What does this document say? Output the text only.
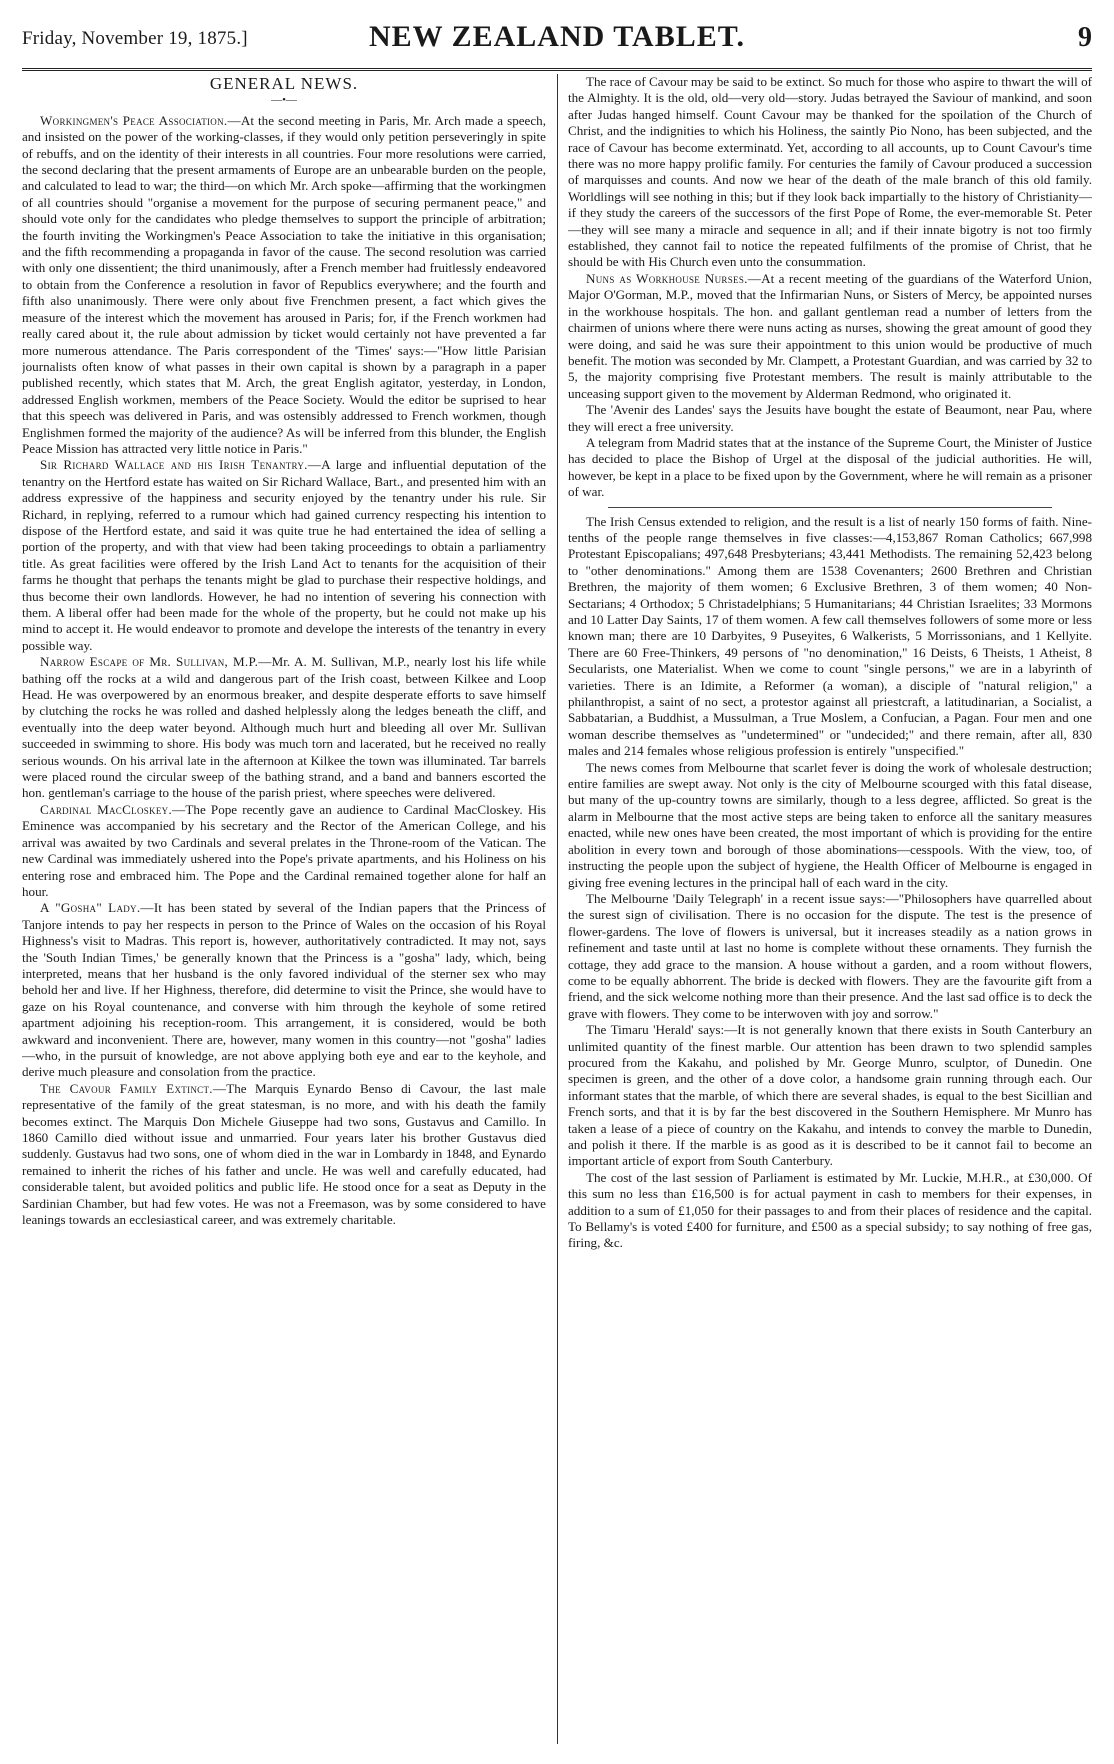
Friday, November 19, 1875.]	NEW ZEALAND TABLET.	9
GENERAL NEWS.
—•—

Workingmen's Peace Association.—At the second meeting in Paris, Mr. Arch made a speech, and insisted on the power of the working-classes, if they would only petition perseveringly in spite of rebuffs, and on the identity of their interests in all countries. Four more resolutions were carried, the second declaring that the present armaments of Europe are an unbearable burden on the people, and calculated to lead to war; the third—on which Mr. Arch spoke—affirming that the workingmen of all countries should "organise a movement for the purpose of securing permanent peace," and should vote only for the candidates who pledge themselves to support the principle of arbitration; the fourth inviting the Workingmen's Peace Association to take the initiative in this organisation; and the fifth recommending a propaganda in favor of the cause. The second resolution was carried with only one dissentient; the third unanimously, after a French member had fruitlessly endeavored to obtain from the Conference a resolution in favor of Republics everywhere; and the fourth and fifth also unanimously. There were only about five Frenchmen present, a fact which gives the measure of the interest which the movement has aroused in Paris; for, if the French workmen had really cared about it, the rule about admission by ticket would certainly not have prevented a far more numerous attendance. The Paris correspondent of the 'Times' says:—"How little Parisian journalists often know of what passes in their own capital is shown by a paragraph in a paper published recently, which states that M. Arch, the great English agitator, yesterday, in London, addressed English workmen, members of the Peace Society. Would the editor be suprised to hear that this speech was delivered in Paris, and was ostensibly addressed to French workmen, though Englishmen formed the majority of the audience? As will be inferred from this blunder, the English Peace Mission has attracted very little notice in Paris."

Sir Richard Wallace and his Irish Tenantry.—A large and influential deputation of the tenantry on the Hertford estate has waited on Sir Richard Wallace, Bart., and presented him with an address expressive of the happiness and security enjoyed by the tenantry under his rule. Sir Richard, in replying, referred to a rumour which had gained currency respecting his intention to dispose of the Hertford estate, and said it was quite true he had entertained the idea of selling a portion of the property, and with that view had been taking proceedings to obtain a parliamentry title. As great facilities were offered by the Irish Land Act to tenants for the acquisition of their farms he thought that perhaps the tenants might be glad to purchase their respective holdings, and thus become their own landlords. However, he had no intention of severing his connection with them. A liberal offer had been made for the whole of the property, but he could not make up his mind to accept it. He would endeavor to promote and develope the interests of the tenantry in every possible way.

Narrow Escape of Mr. Sullivan, M.P.—Mr. A. M. Sullivan, M.P., nearly lost his life while bathing off the rocks at a wild and dangerous part of the Irish coast, between Kilkee and Loop Head. He was overpowered by an enormous breaker, and despite desperate efforts to save himself by clutching the rocks he was rolled and dashed helplessly along the ledges beneath the cliff, and eventually into the deep water beyond. Although much hurt and bleeding all over Mr. Sullivan succeeded in swimming to shore. His body was much torn and lacerated, but he received no really serious wounds. On his arrival late in the afternoon at Kilkee the town was illuminated. Tar barrels were placed round the circular sweep of the bathing strand, and a band and banners escorted the hon. gentleman's carriage to the house of the parish priest, where speeches were delivered.

Cardinal MacCloskey.—The Pope recently gave an audience to Cardinal MacCloskey. His Eminence was accompanied by his secretary and the Rector of the American College, and his arrival was awaited by two Cardinals and several prelates in the Throne-room of the Vatican. The new Cardinal was immediately ushered into the Pope's private apartments, and his Holiness on his entering rose and embraced him. The Pope and the Cardinal remained together alone for half an hour.

A "Gosha" Lady.—It has been stated by several of the Indian papers that the Princess of Tanjore intends to pay her respects in person to the Prince of Wales on the occasion of his Royal Highness's visit to Madras. This report is, however, authoritatively contradicted. It may not, says the 'South Indian Times,' be generally known that the Princess is a "gosha" lady, which, being interpreted, means that her husband is the only favored individual of the sterner sex who may behold her and live. If her Highness, therefore, did determine to visit the Prince, she would have to gaze on his Royal countenance, and converse with him through the keyhole of some retired apartment adjoining his reception-room. This arrangement, it is considered, would be both awkward and inconvenient. There are, however, many women in this country—not "gosha" ladies—who, in the pursuit of knowledge, are not above applying both eye and ear to the keyhole, and derive much pleasure and consolation from the practice.

The Cavour Family Extinct.—The Marquis Eynardo Benso di Cavour, the last male representative of the family of the great statesman, is no more, and with his death the family becomes extinct. The Marquis Don Michele Giuseppe had two sons, Gustavus and Camillo. In 1860 Camillo died without issue and unmarried. Four years later his brother Gustavus died suddenly. Gustavus had two sons, one of whom died in the war in Lombardy in 1848, and Eynardo remained to inherit the riches of his father and uncle. He was well and carefully educated, had considerable talent, but avoided politics and public life. He stood once for a seat as Deputy in the Sardinian Chamber, but had few votes. He was not a Freemason, was by some considered to have leanings towards an ecclesiastical career, and was extremely charitable.

The race of Cavour may be said to be extinct. So much for those who aspire to thwart the will of the Almighty. It is the old, old—very old—story. Judas betrayed the Saviour of mankind, and soon after Judas hanged himself. Count Cavour may be thanked for the spoilation of the Church of Christ, and the indignities to which his Holiness, the saintly Pio Nono, has been subjected, and the race of Cavour has become exterminatd. Yet, according to all accounts, up to Count Cavour's time there was no more happy prolific family. For centuries the family of Cavour produced a succession of marquisses and counts. And now we hear of the death of the male branch of this old family. Worldlings will see nothing in this; but if they look back impartially to the history of Christianity—if they study the careers of the successors of the first Pope of Rome, the ever-memorable St. Peter—they will see many a miracle and sequence in all; and if their innate bigotry is not too firmly established, they cannot fail to notice the repeated fulfilments of the promise of Christ, that he should be with His Church even unto the consummation.

Nuns as Workhouse Nurses.—At a recent meeting of the guardians of the Waterford Union, Major O'Gorman, M.P., moved that the Infirmarian Nuns, or Sisters of Mercy, be appointed nurses in the workhouse hospitals. The hon. and gallant gentleman read a number of letters from the chairmen of unions where there were nuns acting as nurses, showing the great amount of good they were doing, and said he was sure their appointment to this union would be productive of much benefit. The motion was seconded by Mr. Clampett, a Protestant Guardian, and was carried by 32 to 5, the majority comprising five Protestant members. The result is mainly attributable to the unceasing support given to the movement by Alderman Redmond, who originated it.

The 'Avenir des Landes' says the Jesuits have bought the estate of Beaumont, near Pau, where they will erect a free university.

A telegram from Madrid states that at the instance of the Supreme Court, the Minister of Justice has decided to place the Bishop of Urgel at the disposal of the judicial authorities. He will, however, be kept in a place to be fixed upon by the Government, where he will remain as a prisoner of war.

The Irish Census extended to religion, and the result is a list of nearly 150 forms of faith. Nine-tenths of the people range themselves in five classes:—4,153,867 Roman Catholics; 667,998 Protestant Episcopalians; 497,648 Presbyterians; 43,441 Methodists. The remaining 52,423 belong to "other denominations." Among them are 1538 Covenanters; 2600 Brethren and Christian Brethren, the majority of them women; 6 Exclusive Brethren, 3 of them women; 40 Non-Sectarians; 4 Orthodox; 5 Christadelphians; 5 Humanitarians; 44 Christian Israelites; 33 Mormons and 10 Latter Day Saints, 17 of them women. A few call themselves followers of some more or less known man; there are 10 Darbyites, 9 Puseyites, 6 Walkerists, 5 Morrissonians, and 1 Kellyite. There are 60 Free-Thinkers, 49 persons of "no denomination," 16 Deists, 6 Theists, 1 Atheist, 8 Secularists, one Materialist. When we come to count "single persons," we are in a labyrinth of varieties. There is an Idimite, a Reformer (a woman), a disciple of "natural religion," a philanthropist, a saint of no sect, a protestor against all priestcraft, a latitudinarian, a Socialist, a Sabbatarian, a Buddhist, a Mussulman, a True Moslem, a Confucian, a Pagan. Four men and one woman describe themselves as "undetermined" or "undecided;" and there remain, after all, 830 males and 214 females whose religious profession is entirely "unspecified."

The news comes from Melbourne that scarlet fever is doing the work of wholesale destruction; entire families are swept away. Not only is the city of Melbourne scourged with this fatal disease, but many of the up-country towns are similarly, though to a less degree, afflicted. So great is the alarm in Melbourne that the most active steps are being taken to enforce all the sanitary measures enacted, while new ones have been created, the most important of which is providing for the entire abolition in every town and borough of those abominations—cesspools. With the view, too, of instructing the people upon the subject of hygiene, the Health Officer of Melbourne is engaged in giving free evening lectures in the principal hall of each ward in the city.

The Melbourne 'Daily Telegraph' in a recent issue says:—"Philosophers have quarrelled about the surest sign of civilisation. There is no occasion for the dispute. The test is the presence of flower-gardens. The love of flowers is universal, but it increases steadily as a nation grows in refinement and taste until at last no home is complete without these ornaments. They furnish the cottage, they add grace to the mansion. A house without a garden, and a room without flowers, come to be equally abhorrent. The bride is decked with flowers. They are the favourite gift from a friend, and the sick welcome nothing more than their presence. And the last sad office is to deck the grave with flowers. They come to be interwoven with joy and sorrow."

The Timaru 'Herald' says:—It is not generally known that there exists in South Canterbury an unlimited quantity of the finest marble. Our attention has been drawn to two splendid samples procured from the Kakahu, and polished by Mr. George Munro, sculptor, of Dunedin. One specimen is green, and the other of a dove color, a handsome grain running through each. Our informant states that the marble, of which there are several shades, is equal to the best Sicillian and French sorts, and that it is by far the best discovered in the Southern Hemisphere. Mr Munro has taken a lease of a piece of country on the Kakahu, and intends to convey the marble to Dunedin, and polish it there. If the marble is as good as it is described to be it cannot fail to become an important article of export from South Canterbury.

The cost of the last session of Parliament is estimated by Mr. Luckie, M.H.R., at £30,000. Of this sum no less than £16,500 is for actual payment in cash to members for their expenses, in addition to a sum of £1,050 for their passages to and from their places of residence and the capital. To Bellamy's is voted £400 for furniture, and £500 as a special subsidy; to say nothing of free gas, firing, &c.
